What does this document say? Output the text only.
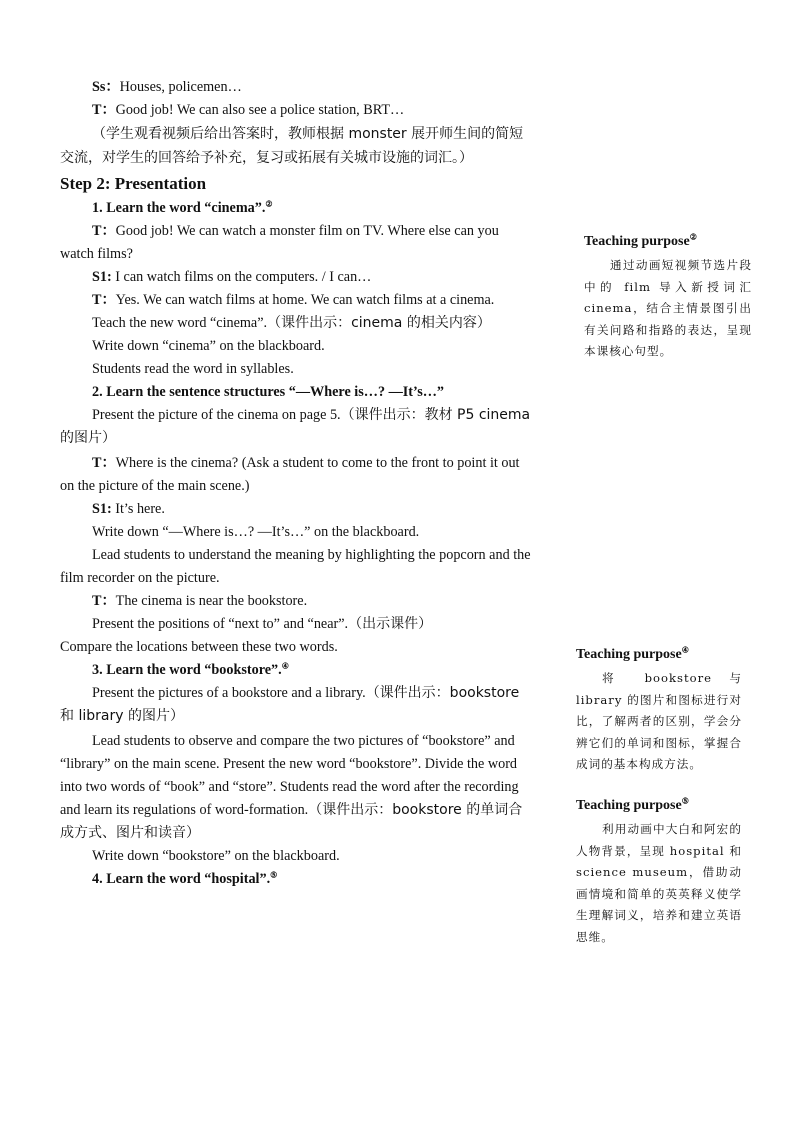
Ss：Houses, policemen…

T：Good job! We can also see a police station, BRT…

（学生观看视频后给出答案时，教师根据 monster 展开师生间的简短交流，对学生的回答给予补充，复习或拓展有关城市设施的词汇。）

Step 2: Presentation

1. Learn the word “cinema”.②

T：Good job! We can watch a monster film on TV. Where else can you watch films?

S1: I can watch films on the computers. / I can…

T：Yes. We can watch films at home. We can watch films at a cinema.

Teach the new word “cinema”.（课件出示：cinema 的相关内容）

Write down “cinema” on the blackboard.

Students read the word in syllables.

2. Learn the sentence structures “—Where is…? —It’s…”

Present the picture of the cinema on page 5.（课件出示：教材 P5 cinema 的图片）

T：Where is the cinema? (Ask a student to come to the front to point it out on the picture of the main scene.)

S1: It’s here.

Write down “—Where is…? —It’s…” on the blackboard.

Lead students to understand the meaning by highlighting the popcorn and the film recorder on the picture.

T：The cinema is near the bookstore.

Present the positions of “next to” and “near”.（出示课件）

Compare the locations between these two words.

3. Learn the word “bookstore”.④

Present the pictures of a bookstore and a library.（课件出示：bookstore 和 library 的图片）

Lead students to observe and compare the two pictures of “bookstore” and “library” on the main scene. Present the new word “bookstore”. Divide the word into two words of “book” and “store”. Students read the word after the recording and learn its regulations of word-formation.（课件出示：bookstore 的单词合成方式、图片和读音）

Write down “bookstore” on the blackboard.

4. Learn the word “hospital”.⑤

Teaching purpose②

通过动画短视频节选片段中的 film 导入新授词汇 cinema，结合主情景图引出有关问路和指路的表达，呈现本课核心句型。

Teaching purpose④

将 bookstore 与 library 的图片和图标进行对比，了解两者的区别，学会分辨它们的单词和图标，掌握合成词的基本构成方法。

Teaching purpose⑤

利用动画中大白和阿宏的人物背景，呈现 hospital 和 science museum，借助动画情境和简单的英英释义使学生理解词义，培养和建立英语思维。
